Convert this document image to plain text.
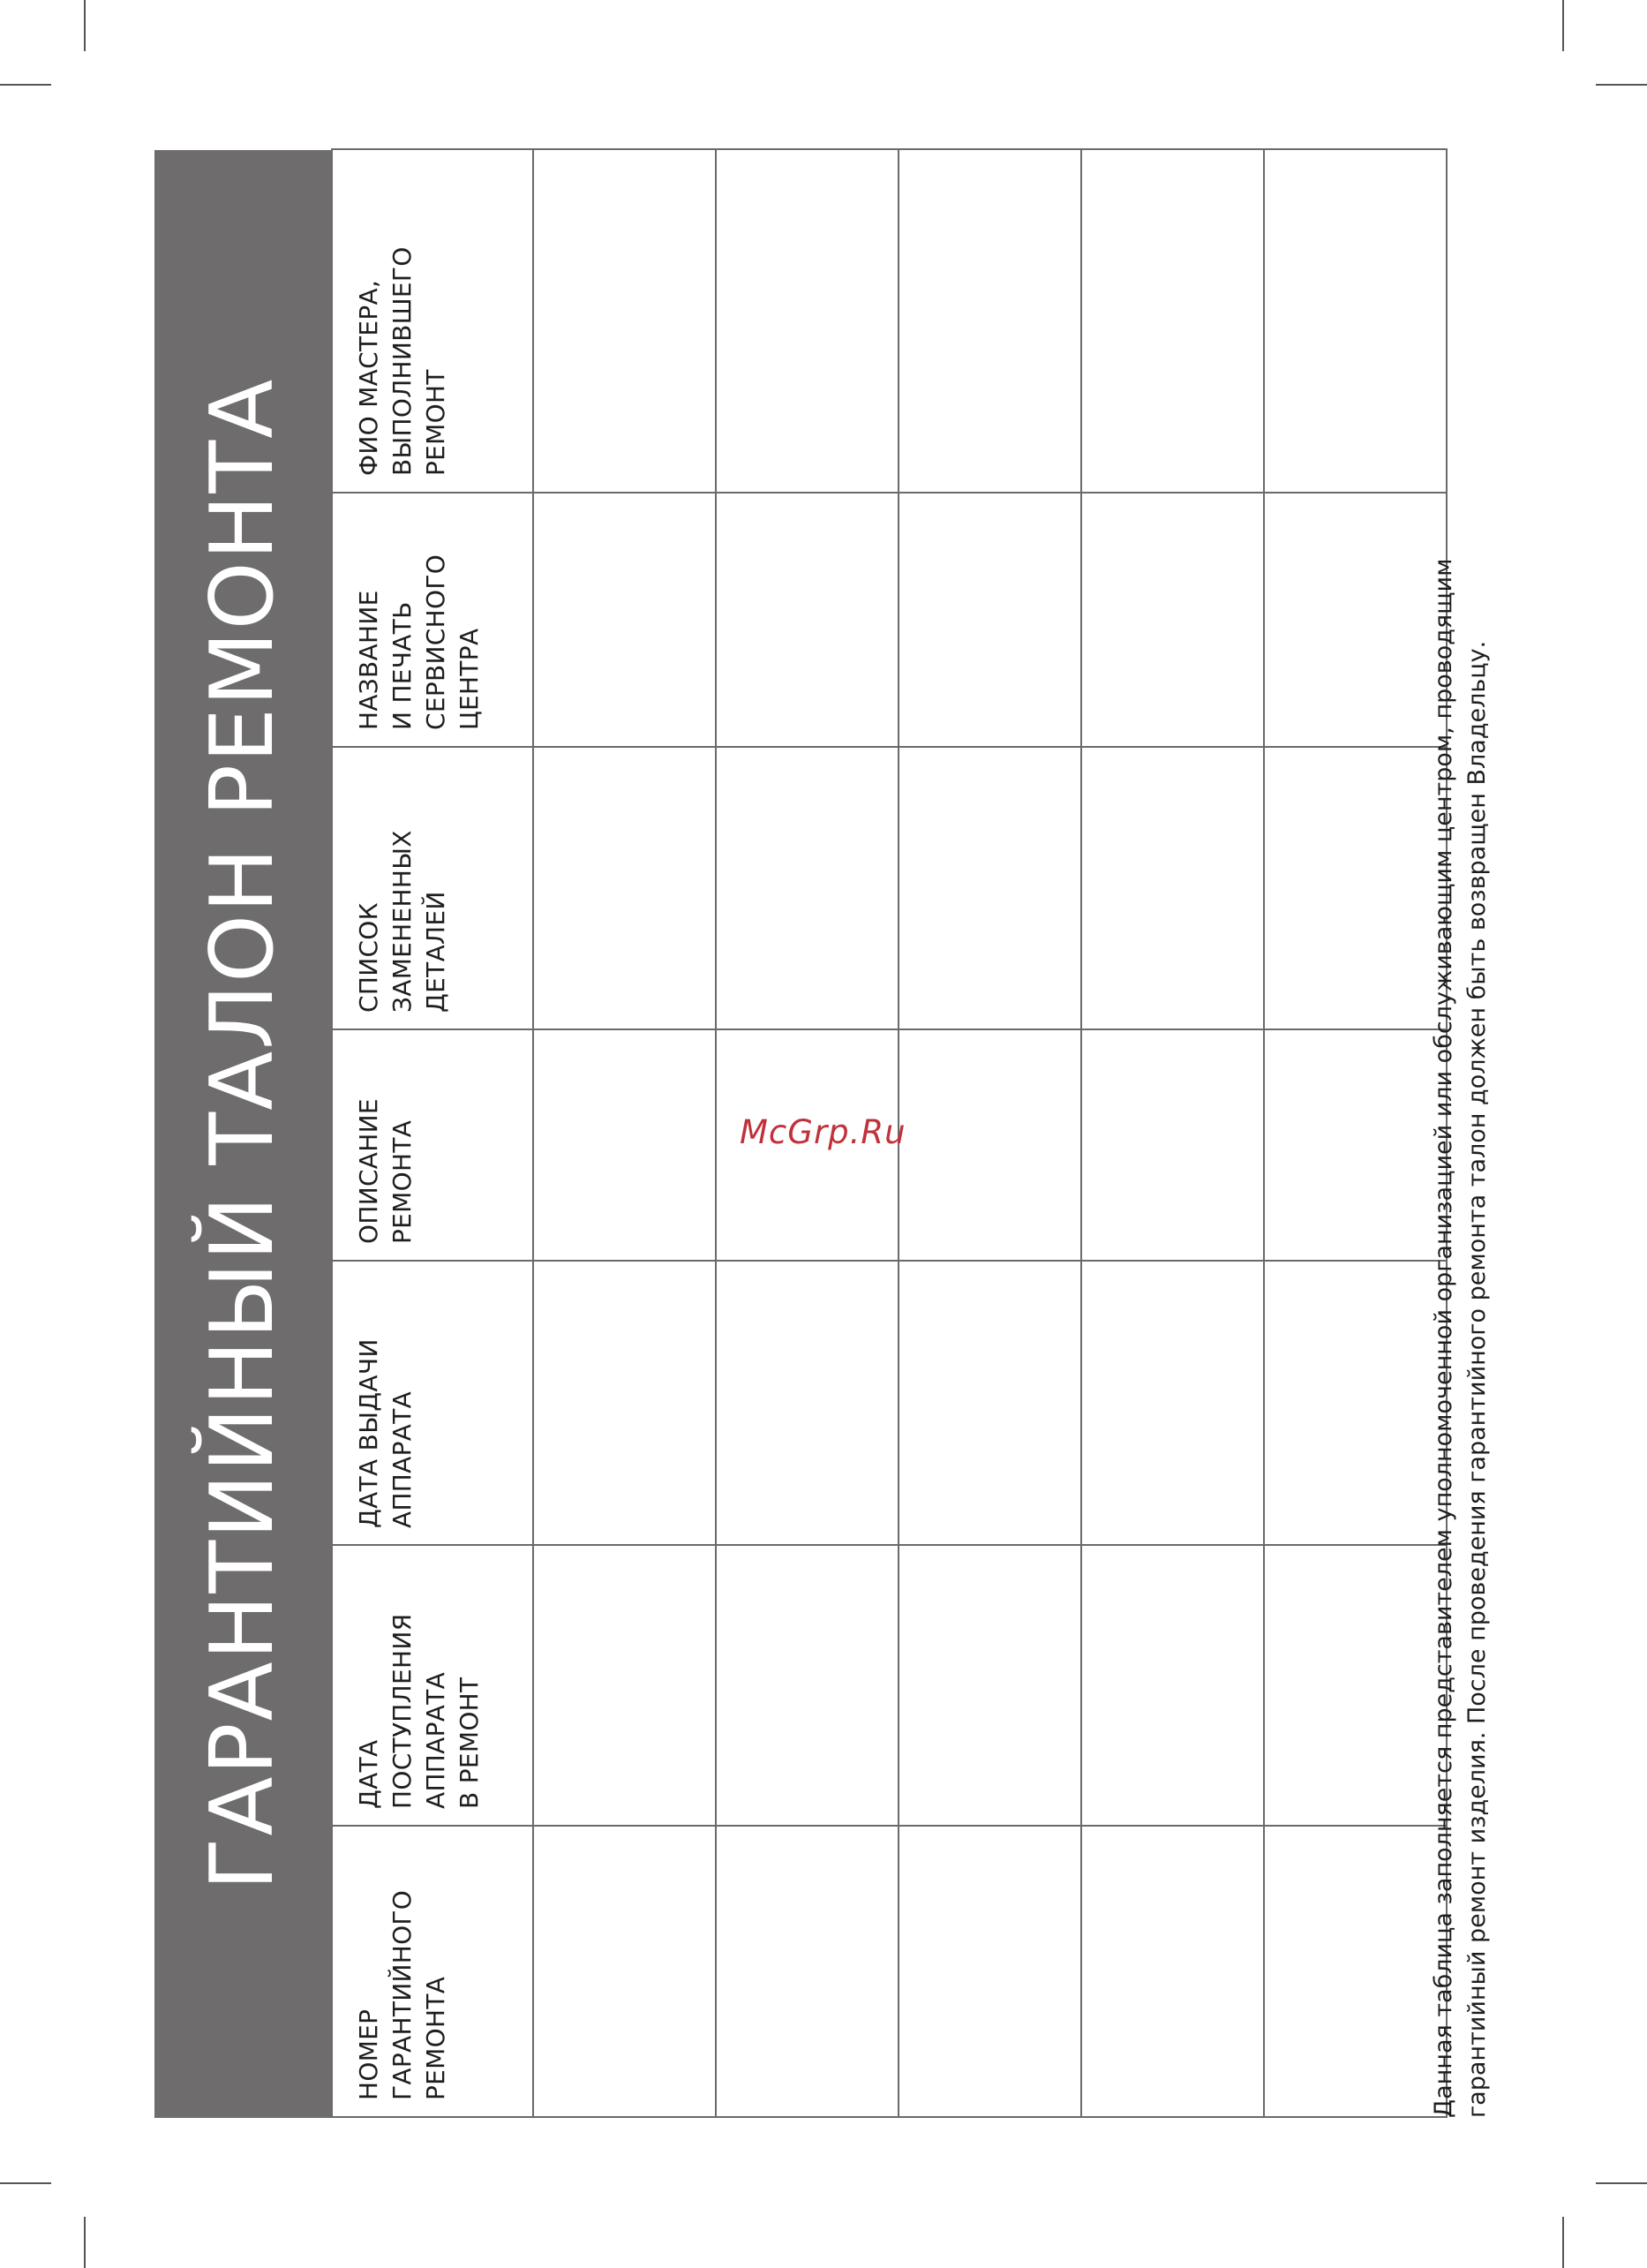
ГАРАНТИЙНЫЙ ТАЛОН РЕМОНТА
НОМЕР
ГАРАНТИЙНОГО
РЕМОНТА	ДАТА
ПОСТУПЛЕНИЯ
АППАРАТА
В РЕМОНТ	ДАТА ВЫДАЧИ
АППАРАТА	ОПИСАНИЕ
РЕМОНТА	СПИСОК
ЗАМЕНЕННЫХ
ДЕТАЛЕЙ	НАЗВАНИЕ
И ПЕЧАТЬ
СЕРВИСНОГО
ЦЕНТРА	ФИО МАСТЕРА,
ВЫПОЛНИВШЕГО
РЕМОНТ

Данная таблица заполняется представителем уполномоченной организацией или обслуживающим центром, проводящим
гарантийный ремонт изделия. После проведения гарантийного ремонта талон должен быть возвращен Владельцу.
McGrp.Ru
